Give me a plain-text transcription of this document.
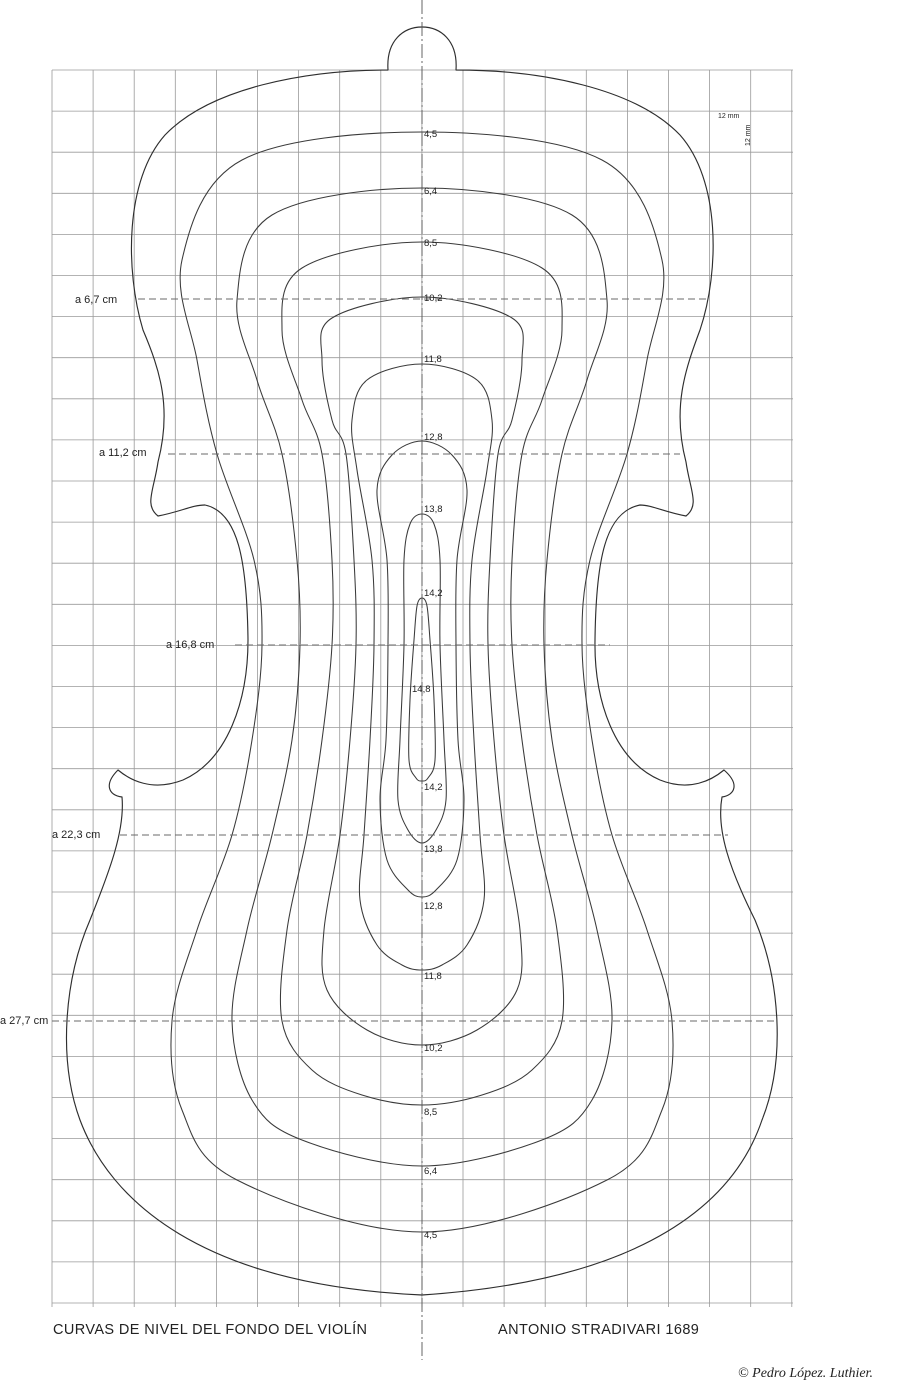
a 6,7 cm
a 11,2 cm
a 16,8 cm
a 22,3 cm
a 27,7 cm
4,5
6,4
8,5
10,2
11,8
12,8
13,8
14,2
14,8
14,2
13,8
12,8
11,8
10,2
8,5
6,4
4,5
12 mm
12 mm
CURVAS DE NIVEL DEL FONDO DEL VIOLÍN	ANTONIO STRADIVARI 1689
© Pedro López. Luthier.
